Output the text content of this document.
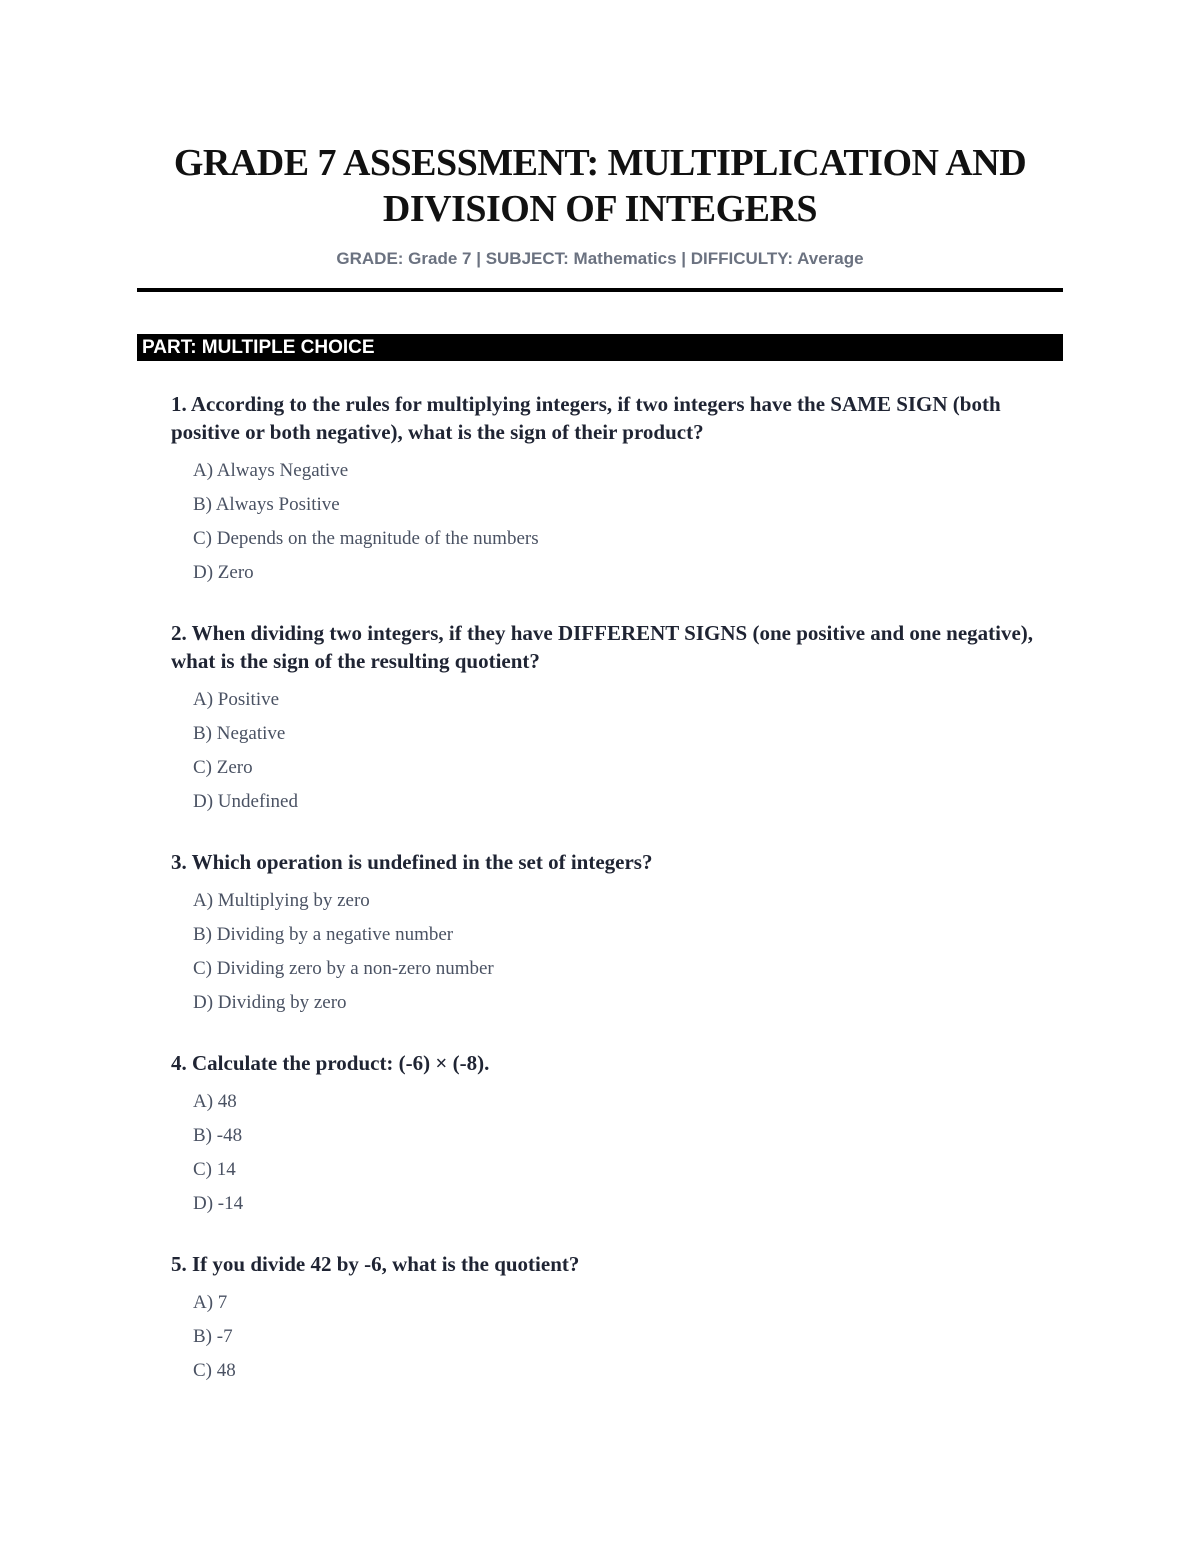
GRADE 7 ASSESSMENT: MULTIPLICATION AND DIVISION OF INTEGERS
GRADE: Grade 7 | SUBJECT: Mathematics | DIFFICULTY: Average
PART: MULTIPLE CHOICE
1. According to the rules for multiplying integers, if two integers have the SAME SIGN (both positive or both negative), what is the sign of their product?
A) Always Negative
B) Always Positive
C) Depends on the magnitude of the numbers
D) Zero
2. When dividing two integers, if they have DIFFERENT SIGNS (one positive and one negative), what is the sign of the resulting quotient?
A) Positive
B) Negative
C) Zero
D) Undefined
3. Which operation is undefined in the set of integers?
A) Multiplying by zero
B) Dividing by a negative number
C) Dividing zero by a non-zero number
D) Dividing by zero
4. Calculate the product: (-6) × (-8).
A) 48
B) -48
C) 14
D) -14
5. If you divide 42 by -6, what is the quotient?
A) 7
B) -7
C) 48
